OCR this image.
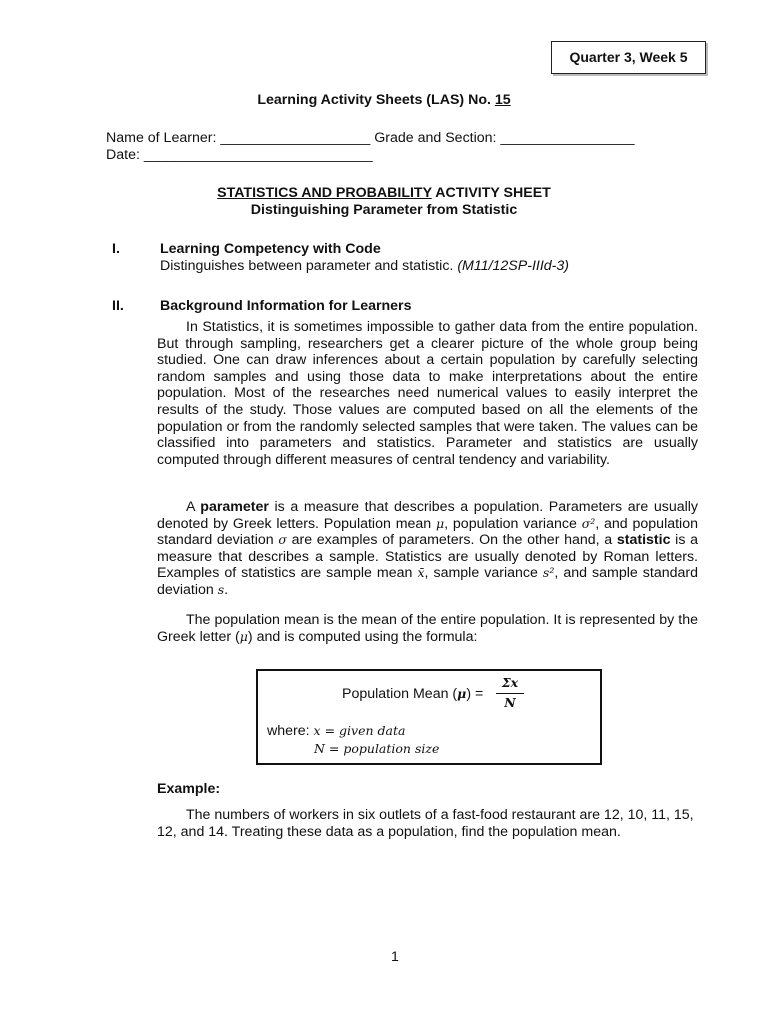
Quarter 3, Week 5
Learning Activity Sheets (LAS) No. 15
Name of Learner: ___________________ Grade and Section: _________________
Date: _____________________________
STATISTICS AND PROBABILITY ACTIVITY SHEET
Distinguishing Parameter from Statistic
I.	Learning Competency with Code
Distinguishes between parameter and statistic. (M11/12SP-IIId-3)
II.	Background Information for Learners

In Statistics, it is sometimes impossible to gather data from the entire population. But through sampling, researchers get a clearer picture of the whole group being studied. One can draw inferences about a certain population by carefully selecting random samples and using those data to make interpretations about the entire population. Most of the researches need numerical values to easily interpret the results of the study. Those values are computed based on all the elements of the population or from the randomly selected samples that were taken. The values can be classified into parameters and statistics. Parameter and statistics are usually computed through different measures of central tendency and variability.

A parameter is a measure that describes a population. Parameters are usually denoted by Greek letters. Population mean μ, population variance σ², and population standard deviation σ are examples of parameters. On the other hand, a statistic is a measure that describes a sample. Statistics are usually denoted by Roman letters. Examples of statistics are sample mean x̄, sample variance s², and sample standard deviation s.

The population mean is the mean of the entire population. It is represented by the Greek letter (μ) and is computed using the formula:

Population Mean $(\mu) = \frac{\Sigma x}{N}$
where: x = given data
N = population size
Example:

The numbers of workers in six outlets of a fast-food restaurant are 12, 10, 11, 15, 12, and 14. Treating these data as a population, find the population mean.

1
